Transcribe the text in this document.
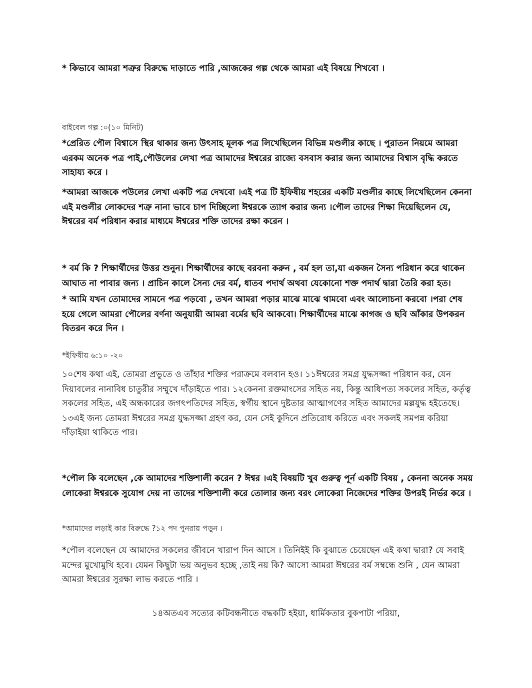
* কিভাবে আমরা শত্রুর বিরুদ্ধে দাড়াতে পারি ,আজকের গল্প থেকে আমরা এই বিষয়ে শিখবো ।

বাইবেল গল্প :০(১০ মিনিট)

*প্রেরিত পৌল বিশ্বাসে স্থির থাকার জন্য উৎসাহ মূলক পত্র লিখেছিলেন বিভিন্ন মণ্ডলীর কাছে । পুরাতন নিয়মে আমরা এরকম অনেক পত্র পাই,পৌউলের লেখা পত্র আমাদের ঈশ্বরের রাজ্যে বসবাস করার জন্য আমাদের বিশ্বাস বৃদ্ধি করতে সাহায্য করে ।

*আমরা আজকে পউলের লেখা একটি পত্র দেখবো ।এই পত্র টি ইফিষীয় শহরের একটি মণ্ডলীর কাছে লিখেছিলেন কেননা এই মণ্ডলীর লোকদের শত্রু নানা ভাবে চাপ দিচ্ছিলো ঈশ্বরকে ত্যাগ করার জন্য ।পৌল তাদের শিক্ষা দিয়েছিলেন যে, ঈশ্বরের বর্ম পরিধান করার মাধ্যমে ঈশ্বরের শক্তি তাদের রক্ষা করেন ।

* বর্ম কি ? শিক্ষার্থীদের উত্তর শুনুন। শিক্ষার্থীদের কাছে বরবনা করুন , বর্ম হল তা,যা একজন সৈন্য পরিধান করে থাকেন আঘাত না পাবার জন্য । প্রাচিন কালে সৈন্য দের বর্ম, ধাতব পদার্থ অথবা যেকোনো শক্ত পদার্থ দ্বারা তৈরি করা হত।

* আমি যখন তোমাদের সামনে পত্র পড়বো , তখন আমরা পড়ার মাঝে মাঝে থামবো এবং আলোচনা করবো ।পরা শেষ হয়ে গেলে আমরা পৌলের বর্ণনা অনুযায়ী আমরা বর্মের ছবি আকবো। শিক্ষার্থীদের মাঝে কাগজ ও ছবি আঁকার উপকরন বিতরন করে দিন ।

*ইফিষীয় ৬:১০ -২০

১০শেষ কথা এই, তোমরা প্রভুতে ও তাঁহার শক্তির পরাক্রমে বলবান হও। ১১ঈশ্বরের সমগ্র যুদ্ধসজ্জা পরিধান কর, যেন দিয়াবলের নানাবিধ চাতুরীর সম্মুখে দাঁড়াইতে পার। ১২কেননা রক্তমাংসের সহিত নয়, কিন্তু আধিপত্য সকলের সহিত, কর্তৃত্ব সকলের সহিত, এই অন্ধকারের জগৎপতিদের সহিত, স্বর্গীয় স্থানে দুষ্টতার আত্মাগণের সহিত আমাদের মল্লযুদ্ধ হইতেছে। ১৩এই জন্য তোমরা ঈশ্বরের সমগ্র যুদ্ধসজ্জা গ্রহণ কর, যেন সেই কুদিনে প্রতিরোধ করিতে এবং সকলই সমপন্ন করিয়া দাঁড়াইয়া থাকিতে পার।

*পৌল কি বলেছেন ,কে আমাদের শক্তিশালী করেন ? ঈশ্বর ।এই বিষয়টি খুব গুরুত্ব পূর্ন একটি বিষয় , কেননা অনেক সময় লোকেরা ঈশ্বরকে সুযোগ দেয় না তাদের শক্তিশালী করে তোলার জন্য বরং লোকেরা নিজেদের শক্তির উপরই নির্ভর করে ।

*আমাদের লড়াই কার বিরুদ্ধে ?১২ পদ পুনরায় পড়ুন ।

*পৌল বলেছেন যে আমাদের সকলের জীবনে খারাপ দিন আসে । তিনিইই কি বুঝাতে চেয়েছেন এই কথা দ্বারা? যে সবাই মন্দের মুখোমুখি হবে। যেমন কিছুটা ভয় অনুভব হচ্ছে ,তাই নয় কি? আসো আমরা ঈশ্বরের বর্ম সম্বন্ধে শুনি , যেন আমরা আমরা ঈশ্বরের সুরক্ষা লাভ করতে পারি ।

১৪অতএব সত্যের কটিবন্ধনীতে বদ্ধকটি হইয়া, ধার্মিকতার বুকপাটা পরিয়া,
